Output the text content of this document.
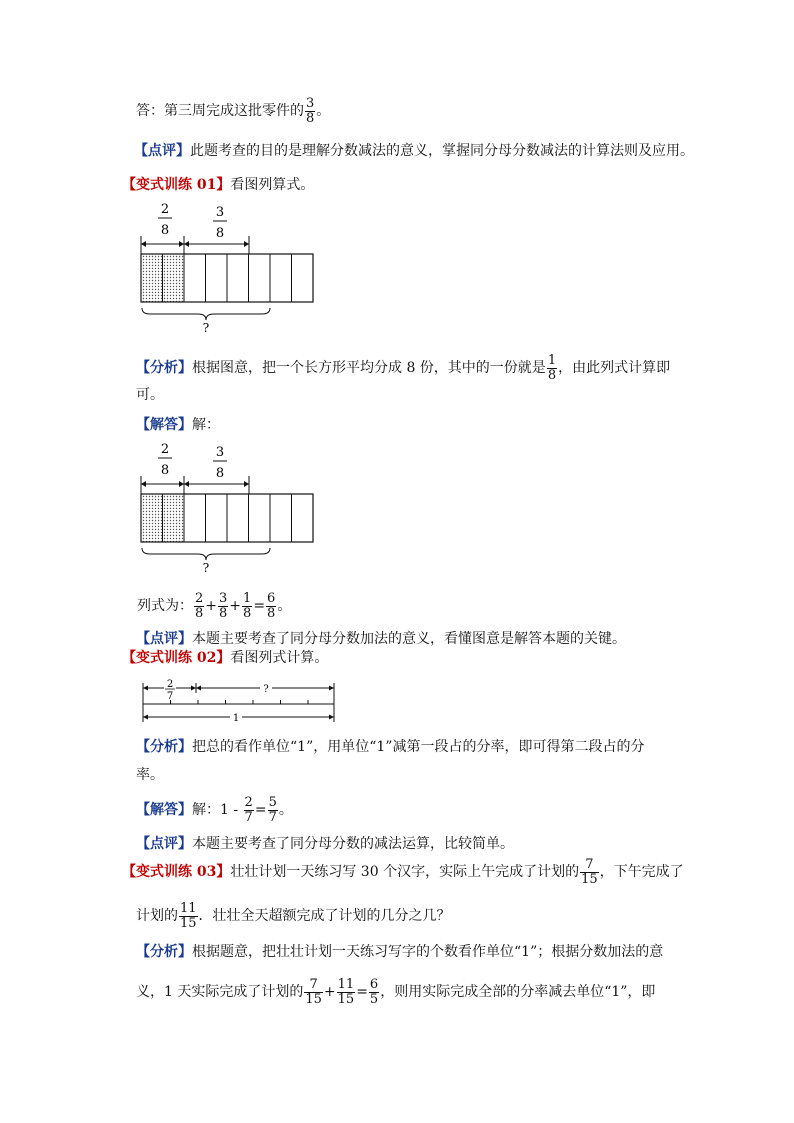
答：第三周完成这批零件的 $\frac{3}{8}$ 。
【点评】此题考查的目的是理解分数减法的意义，掌握同分母分数减法的计算法则及应用。
【变式训练 01】看图列算式。
2
8
3
8
?
【分析】根据图意，把一个长方形平均分成 8 份，其中的一份就是 $\frac{1}{8}$ ，由此列式计算即
可。
【解答】解：
2
8
3
8
?
列式为： $\frac{2}{8} + \frac{3}{8} + \frac{1}{8} = \frac{6}{8}$ 。
【点评】本题主要考查了同分母分数加法的意义，看懂图意是解答本题的关键。
【变式训练 02】看图列式计算。
2
7
?
1
【分析】把总的看作单位“1”，用单位“1”减第一段占的分率，即可得第二段占的分
率。
【解答】解：$1 - \frac{2}{7} = \frac{5}{7}$ 。
【点评】本题主要考查了同分母分数的减法运算，比较简单。
【变式训练 03】壮壮计划一天练习写 30 个汉字，实际上午完成了计划的 $\frac{7}{15}$ ，下午完成了
计划的 $\frac{11}{15}$ ．壮壮全天超额完成了计划的几分之几？
【分析】根据题意，把壮壮计划一天练习写字的个数看作单位“1”；根据分数加法的意
义，1 天实际完成了计划的 $\frac{7}{15} + \frac{11}{15} = \frac{6}{5}$ ，则用实际完成全部的分率减去单位“1”，即
